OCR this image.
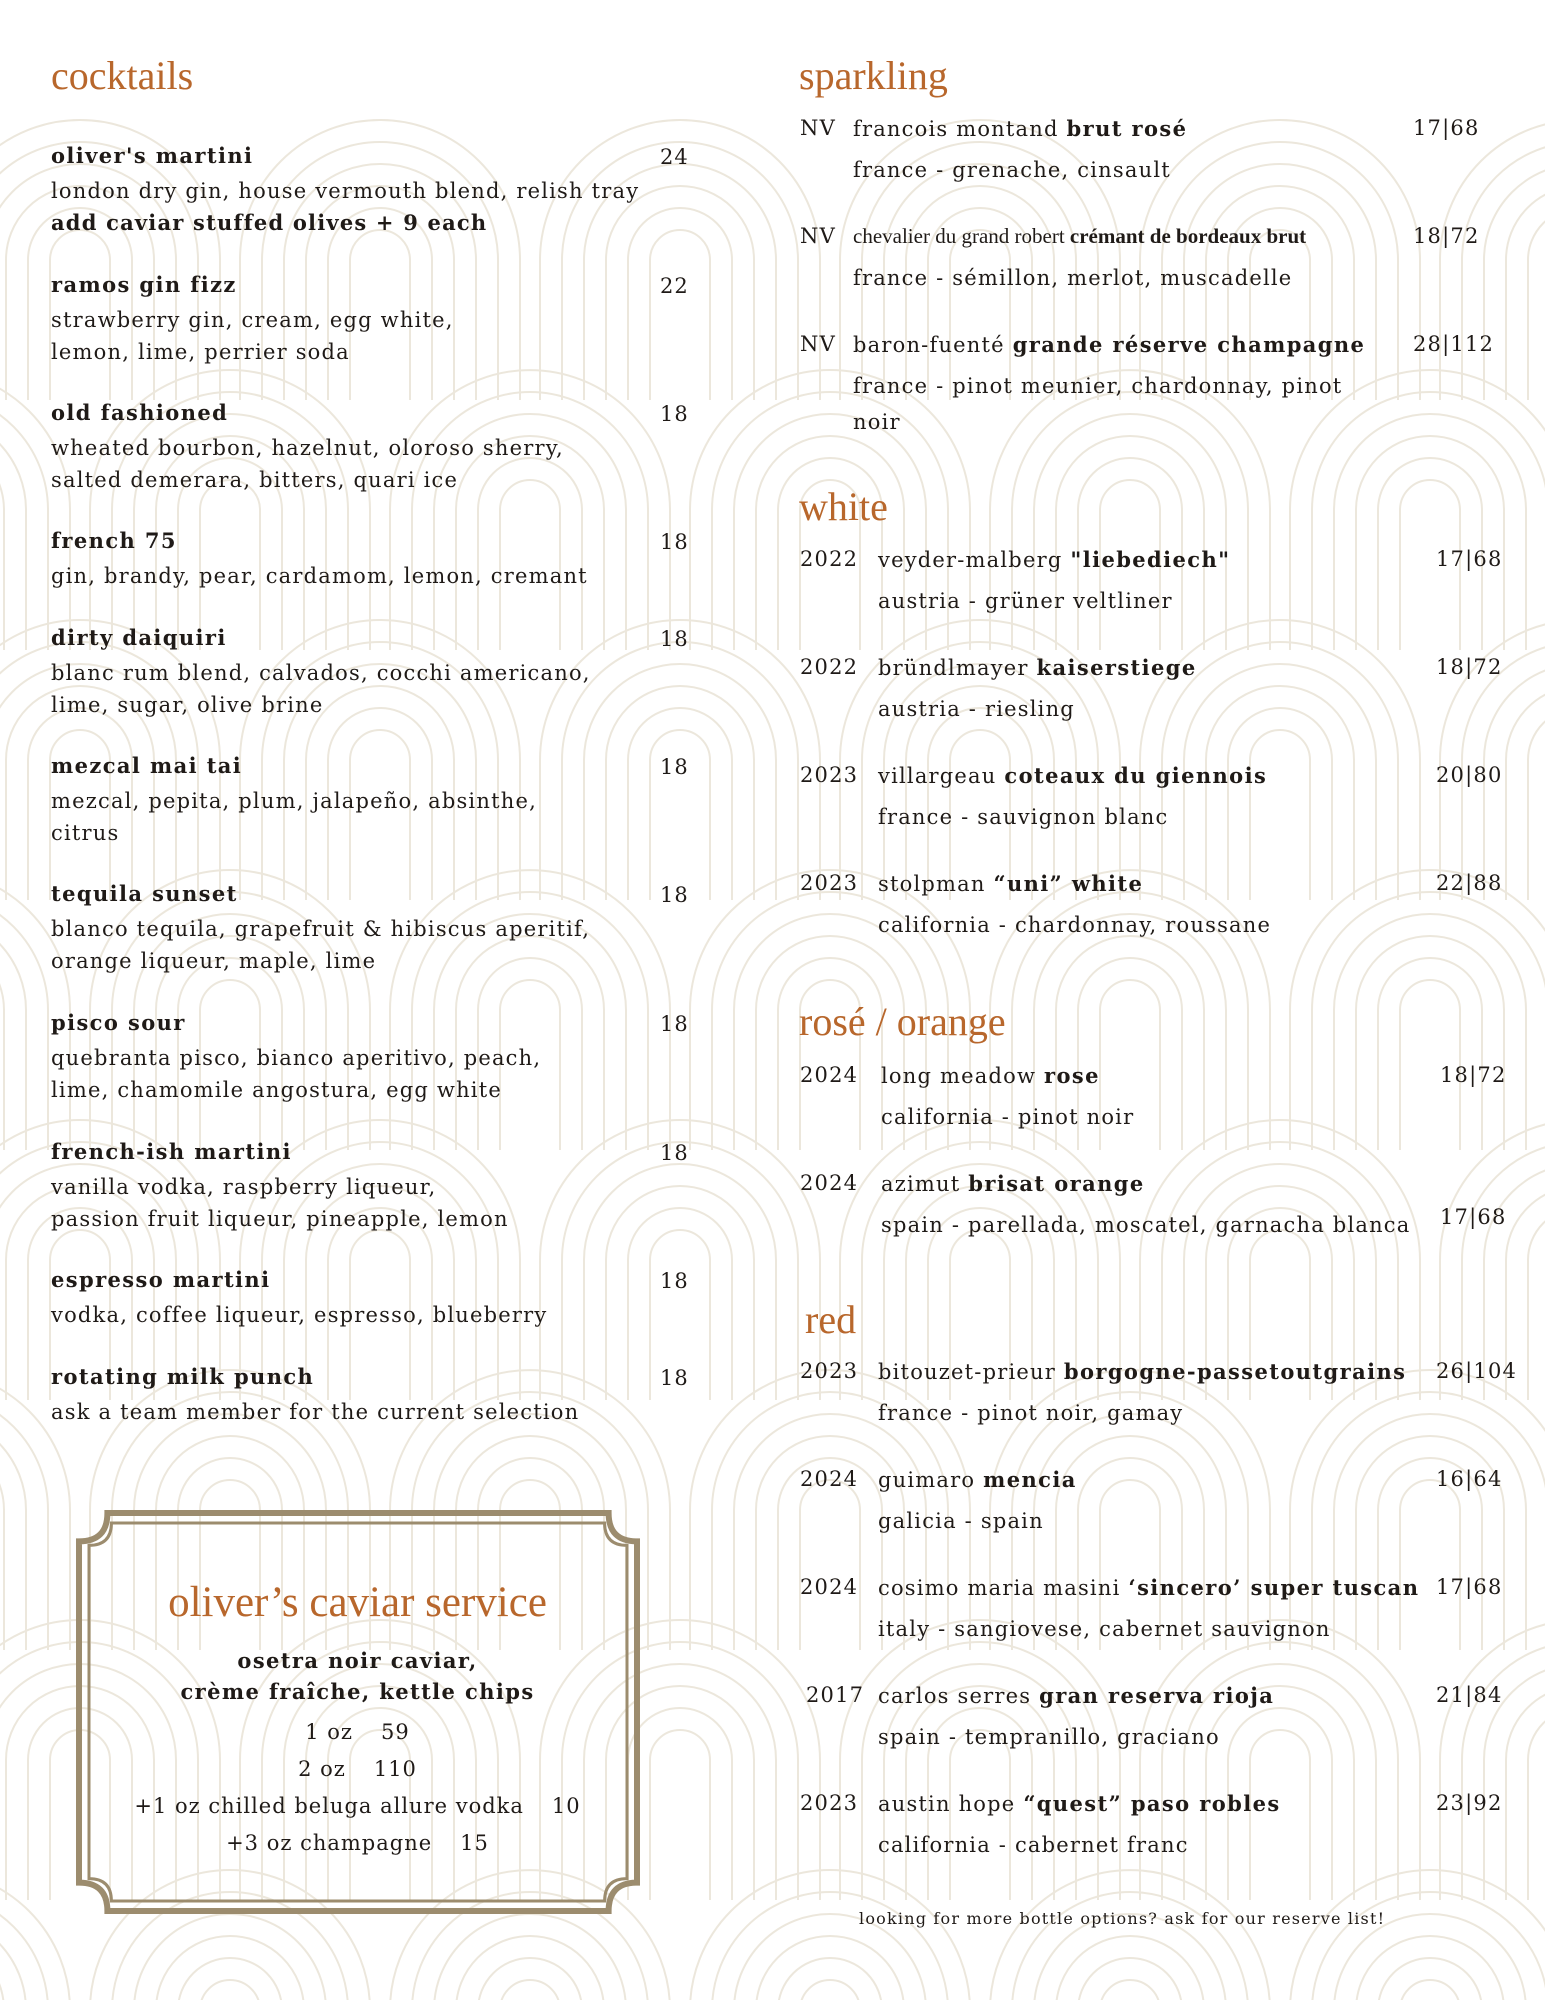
cocktails
oliver's martini	24
london dry gin, house vermouth blend, relish tray
add caviar stuffed olives + 9 each
ramos gin fizz	22
strawberry gin, cream, egg white,
lemon, lime, perrier soda
old fashioned	18
wheated bourbon, hazelnut, oloroso sherry,
salted demerara, bitters, quari ice
french 75	18
gin, brandy, pear, cardamom, lemon, cremant
dirty daiquiri	18
blanc rum blend, calvados, cocchi americano,
lime, sugar, olive brine
mezcal mai tai	18
mezcal, pepita, plum, jalapeño, absinthe,
citrus
tequila sunset	18
blanco tequila, grapefruit & hibiscus aperitif,
orange liqueur, maple, lime
pisco sour	18
quebranta pisco, bianco aperitivo, peach,
lime, chamomile angostura, egg white
french-ish martini	18
vanilla vodka, raspberry liqueur,
passion fruit liqueur, pineapple, lemon
espresso martini	18
vodka, coffee liqueur, espresso, blueberry
rotating milk punch	18
ask a team member for the current selection
oliver’s caviar service
osetra noir caviar,
crème fraîche, kettle chips
1 oz 59
2 oz 110
+1 oz chilled beluga allure vodka 10
+3 oz champagne 15
sparkling
NV francois montand brut rosé
france - grenache, cinsault
17|68
NV chevalier du grand robert crémant de bordeaux brut
france - sémillon, merlot, muscadelle
18|72
NV baron-fuenté grande réserve champagne
france - pinot meunier, chardonnay, pinot
noir
28|112
white
2022 veyder-malberg "liebediech"
austria - grüner veltliner
17|68
2022 bründlmayer kaiserstiege
austria - riesling
18|72
2023 villargeau coteaux du giennois
france - sauvignon blanc
20|80
2023 stolpman “uni” white
california - chardonnay, roussane
22|88
rosé / orange
2024 long meadow rose
california - pinot noir
18|72
2024 azimut brisat orange
spain - parellada, moscatel, garnacha blanca 17|68
red
2023 bitouzet-prieur borgogne-passetoutgrains
france - pinot noir, gamay
26|104
2024 guimaro mencia
galicia - spain
16|64
2024 cosimo maria masini ‘sincero’ super tuscan
italy - sangiovese, cabernet sauvignon
17|68
2017 carlos serres gran reserva rioja
spain - tempranillo, graciano
21|84
2023 austin hope “quest” paso robles
california - cabernet franc
23|92
looking for more bottle options? ask for our reserve list!
